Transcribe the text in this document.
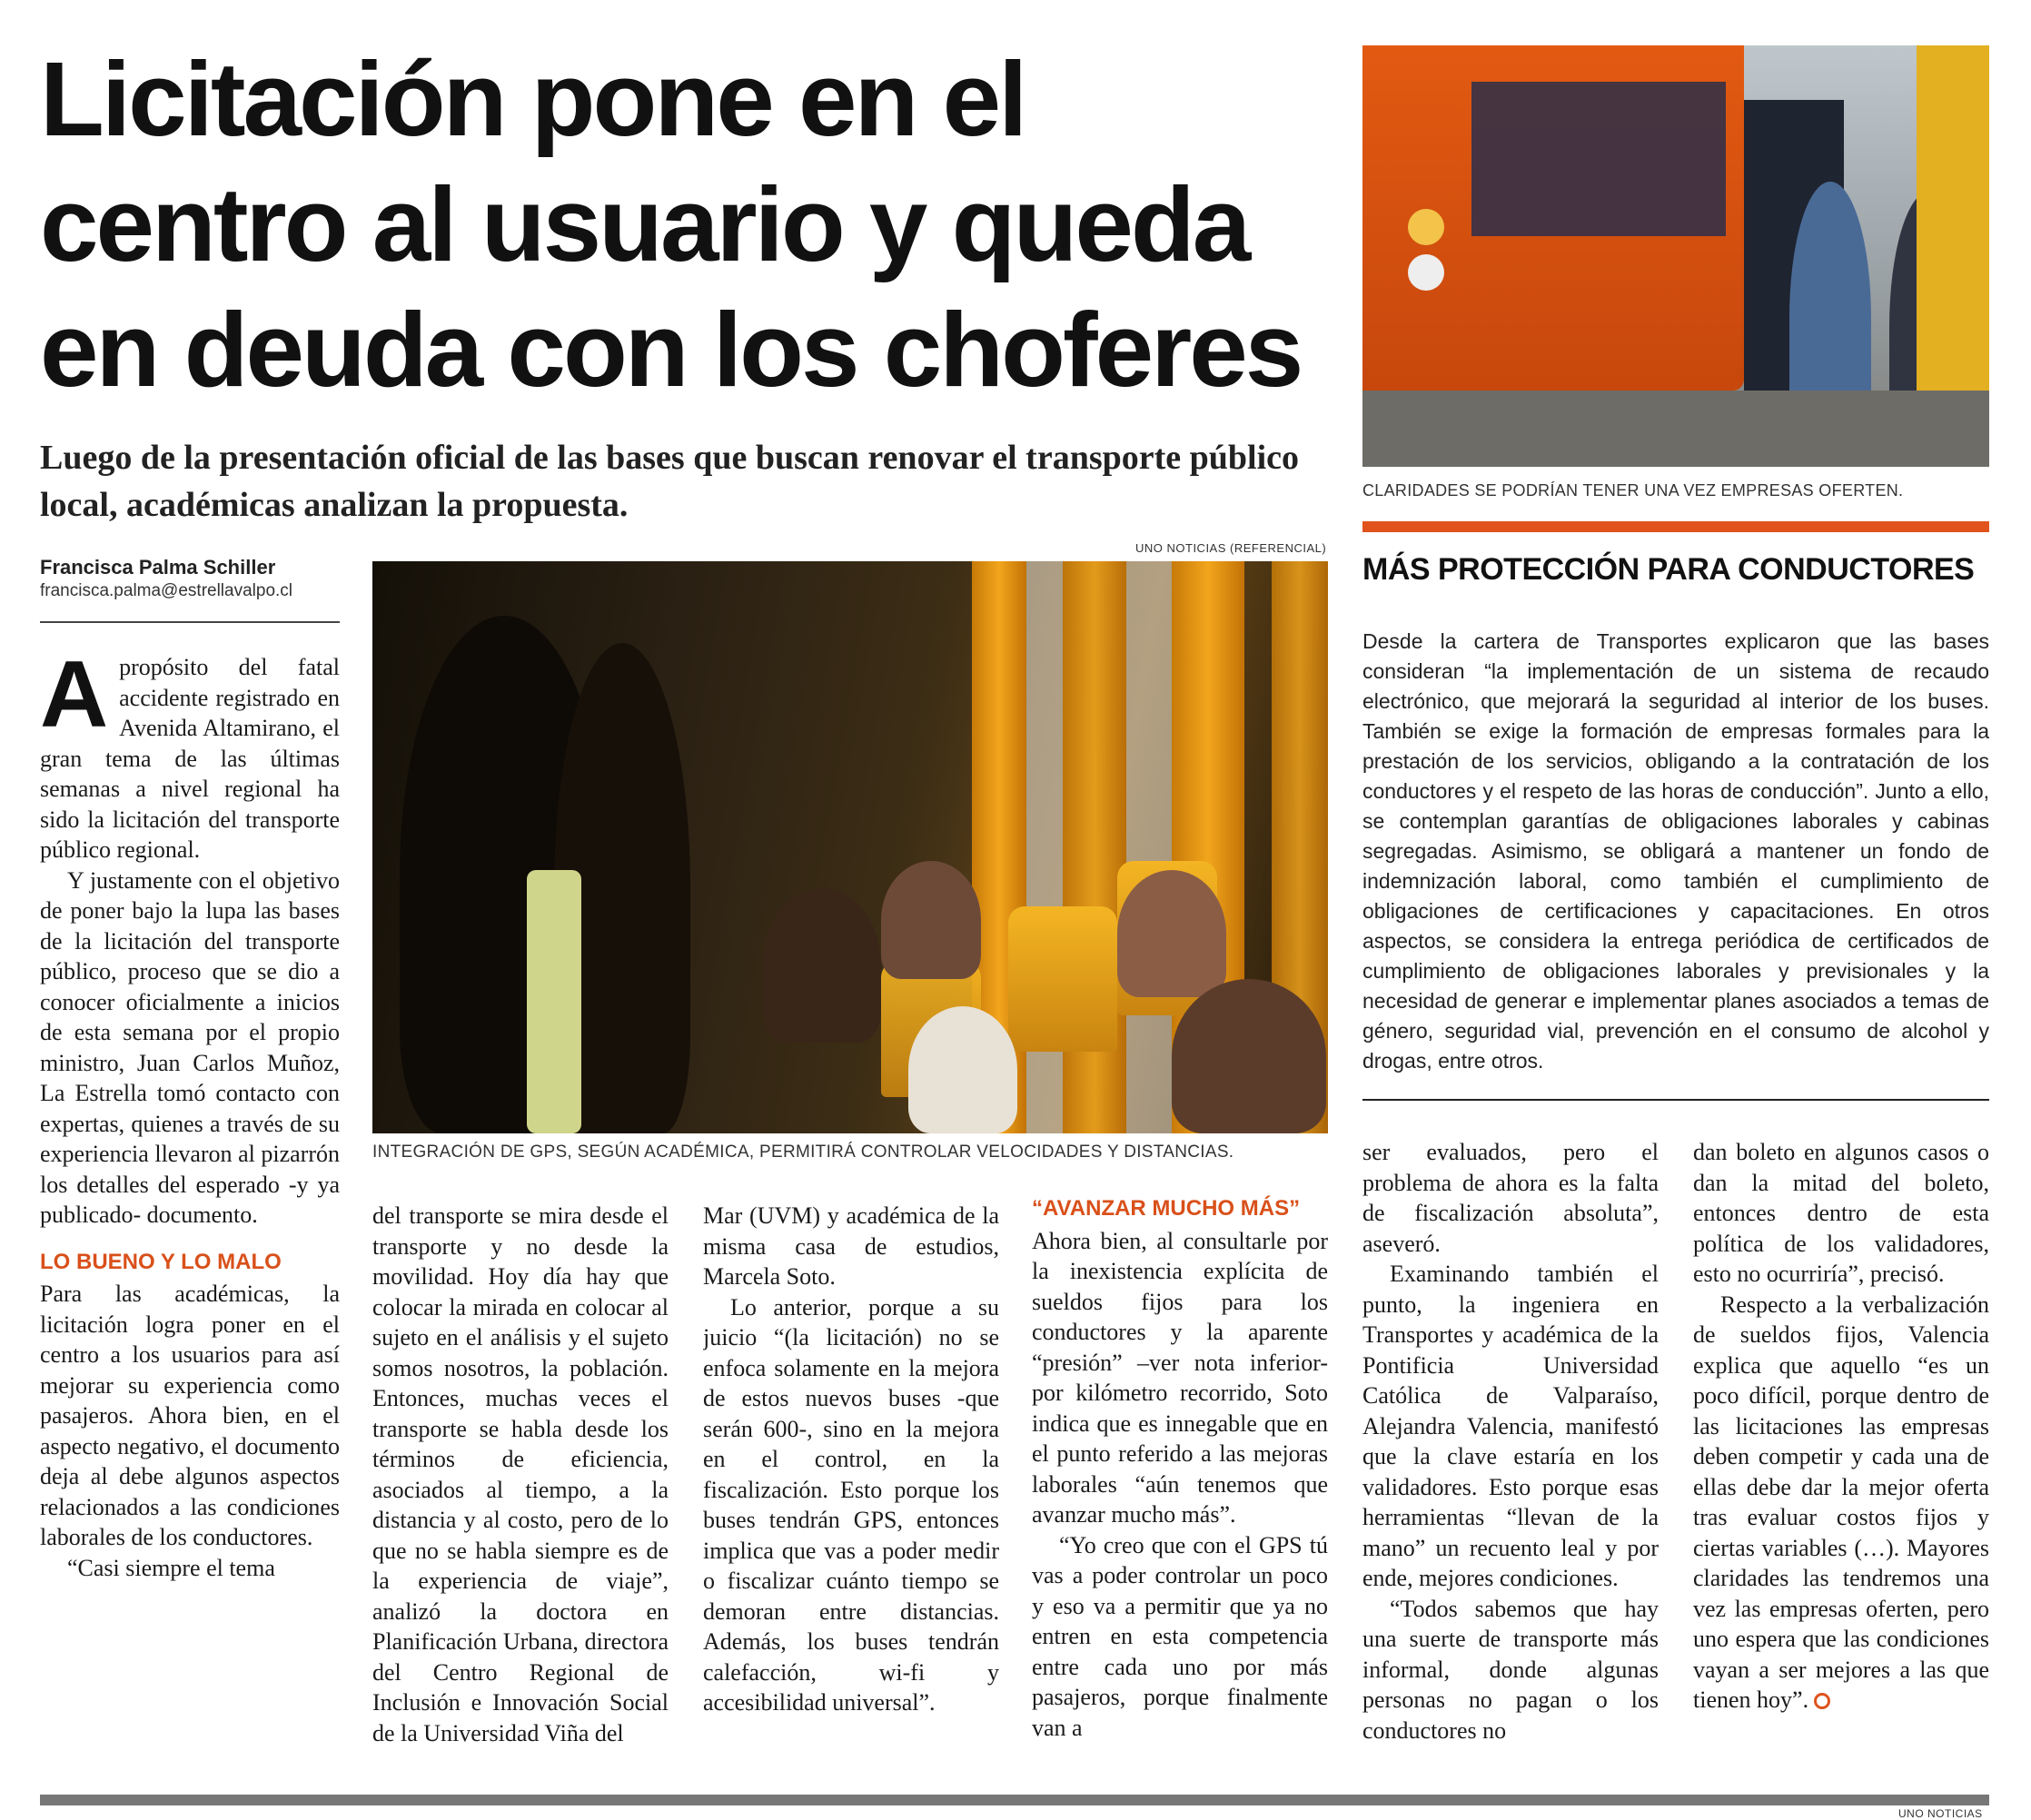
Licitación pone en el
centro al usuario y queda
en deuda con los choferes
Luego de la presentación oficial de las bases que buscan renovar el transporte público local, académicas analizan la propuesta.
Francisca Palma Schiller
francisca.palma@estrellavalpo.cl
UNO NOTICIAS (REFERENCIAL)
INTEGRACIÓN DE GPS, SEGÚN ACADÉMICA, PERMITIRÁ CONTROLAR VELOCIDADES Y DISTANCIAS.
CLARIDADES SE PODRÍAN TENER UNA VEZ EMPRESAS OFERTEN.
MÁS PROTECCIÓN PARA CONDUCTORES
Desde la cartera de Transportes explicaron que las bases consideran “la implementación de un sistema de recaudo electrónico, que mejorará la seguridad al interior de los buses. También se exige la formación de empresas formales para la prestación de los servicios, obligando a la contratación de los conductores y el respeto de las horas de conducción”. Junto a ello, se contemplan garantías de obligaciones laborales y cabinas segregadas. Asimismo, se obligará a mantener un fondo de indemnización laboral, como también el cumplimiento de obligaciones de certificaciones y capacitaciones. En otros aspectos, se considera la entrega periódica de certificados de cumplimiento de obligaciones laborales y previsionales y la necesidad de generar e implementar planes asociados a temas de género, seguridad vial, prevención en el consumo de alcohol y drogas, entre otros.

Apropósito del fatal accidente registrado en Avenida Altamirano, el gran tema de las últimas semanas a nivel regional ha sido la licitación del transporte público regional.

Y justamente con el objetivo de poner bajo la lupa las bases de la licitación del transporte público, proceso que se dio a conocer oficialmente a inicios de esta semana por el propio ministro, Juan Carlos Muñoz, La Estrella tomó contacto con expertas, quienes a través de su experiencia llevaron al pizarrón los detalles del esperado -y ya publicado- documento.

LO BUENO Y LO MALO

Para las académicas, la licitación logra poner en el centro a los usuarios para así mejorar su experiencia como pasajeros. Ahora bien, en el aspecto negativo, el documento deja al debe algunos aspectos relacionados a las condiciones laborales de los conductores.

“Casi siempre el tema

del transporte se mira desde el transporte y no desde la movilidad. Hoy día hay que colocar la mirada en colocar al sujeto en el análisis y el sujeto somos nosotros, la población. Entonces, muchas veces el transporte se habla desde los términos de eficiencia, asociados al tiempo, a la distancia y al costo, pero de lo que no se habla siempre es de la experiencia de viaje”, analizó la doctora en Planificación Urbana, directora del Centro Regional de Inclusión e Innovación Social de la Universidad Viña del

Mar (UVM) y académica de la misma casa de estudios, Marcela Soto.

Lo anterior, porque a su juicio “(la licitación) no se enfoca solamente en la mejora de estos nuevos buses -que serán 600-, sino en la mejora en el control, en la fiscalización. Esto porque los buses tendrán GPS, entonces implica que vas a poder medir o fiscalizar cuánto tiempo se demoran entre distancias. Además, los buses tendrán calefacción, wi-fi y accesibilidad universal”.

“AVANZAR MUCHO MÁS”

Ahora bien, al consultarle por la inexistencia explícita de sueldos fijos para los conductores y la aparente “presión” –ver nota inferior- por kilómetro recorrido, Soto indica que es innegable que en el punto referido a las mejoras laborales “aún tenemos que avanzar mucho más”.

“Yo creo que con el GPS tú vas a poder controlar un poco y eso va a permitir que ya no entren en esta competencia entre cada uno por más pasajeros, porque finalmente van a

ser evaluados, pero el problema de ahora es la falta de fiscalización absoluta”, aseveró.

Examinando también el punto, la ingeniera en Transportes y académica de la Pontificia Universidad Católica de Valparaíso, Alejandra Valencia, manifestó que la clave estaría en los validadores. Esto porque esas herramientas “llevan de la mano” un recuento leal y por ende, mejores condiciones.

“Todos sabemos que hay una suerte de transporte más informal, donde algunas personas no pagan o los conductores no

dan boleto en algunos casos o dan la mitad del boleto, entonces dentro de esta política de los validadores, esto no ocurriría”, precisó.

Respecto a la verbalización de sueldos fijos, Valencia explica que aquello “es un poco difícil, porque dentro de las licitaciones las empresas deben competir y cada una de ellas debe dar la mejor oferta tras evaluar costos fijos y ciertas variables (…). Mayores claridades las tendremos una vez las empresas oferten, pero uno espera que las condiciones vayan a ser mejores a las que tienen hoy”.

UNO NOTICIAS
